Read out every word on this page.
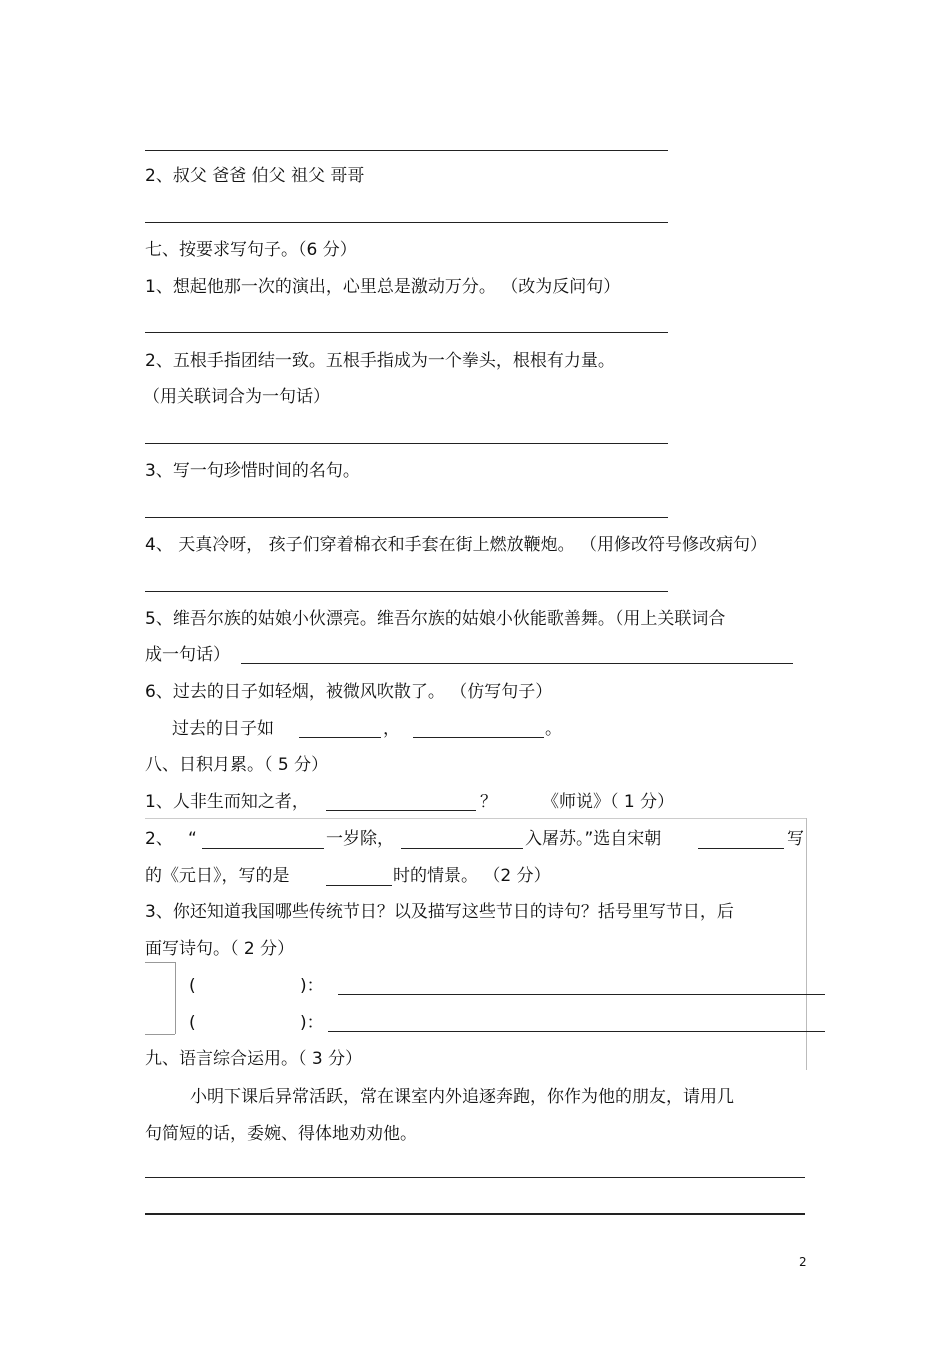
2、叔父 爸爸 伯父 祖父 哥哥
七、按要求写句子。（6 分）
1、想起他那一次的演出，心里总是激动万分。 （改为反问句）
2、五根手指团结一致。五根手指成为一个拳头，根根有力量。
（用关联词合为一句话）
3、写一句珍惜时间的名句。
4、 天真冷呀， 孩子们穿着棉衣和手套在街上燃放鞭炮。 （用修改符号修改病句）
5、维吾尔族的姑娘小伙漂亮。维吾尔族的姑娘小伙能歌善舞。（用上关联词合
成一句话）
6、过去的日子如轻烟，被微风吹散了。 （仿写句子）
过去的日子如	，	。
八、日积月累。（ 5 分）
1、人非生而知之者，	？	《师说》（ 1 分）
2、 “	一岁除，	入屠苏。”选自宋朝	写
的《元日》，写的是	时的情景。 （2 分）
3、你还知道我国哪些传统节日？以及描写这些节日的诗句？括号里写节日，后
面写诗句。（ 2 分）
(	)：
(	)：
九、语言综合运用。（ 3 分）
小明下课后异常活跃，常在课室内外追逐奔跑，你作为他的朋友，请用几
句简短的话，委婉、得体地劝劝他。
2
